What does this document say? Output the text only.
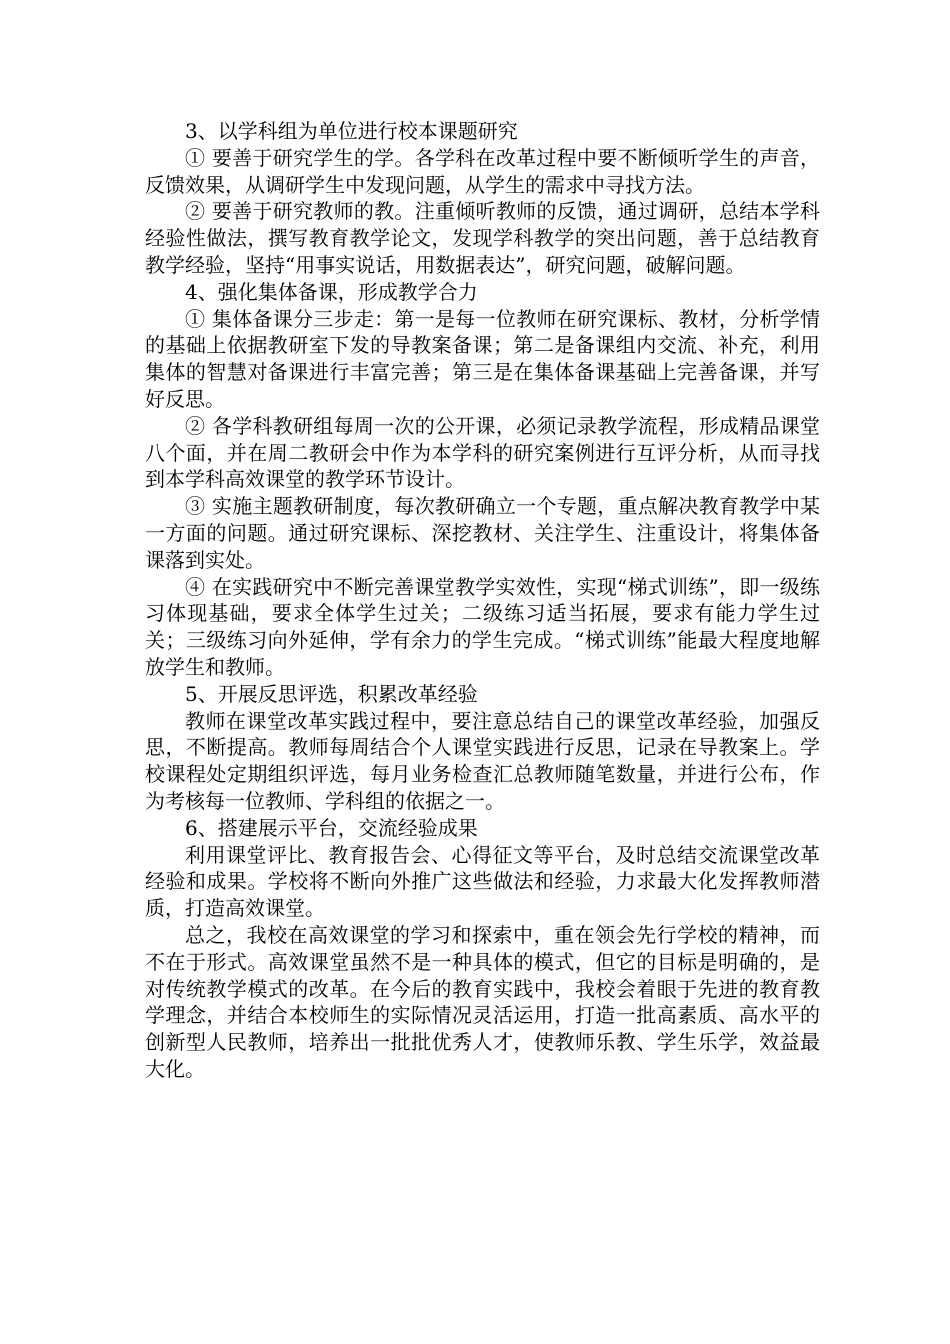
3、以学科组为单位进行校本课题研究

① 要善于研究学生的学。各学科在改革过程中要不断倾听学生的声音，反馈效果，从调研学生中发现问题，从学生的需求中寻找方法。

② 要善于研究教师的教。注重倾听教师的反馈，通过调研，总结本学科经验性做法，撰写教育教学论文，发现学科教学的突出问题，善于总结教育教学经验，坚持“用事实说话，用数据表达”，研究问题，破解问题。

4、强化集体备课，形成教学合力

① 集体备课分三步走：第一是每一位教师在研究课标、教材，分析学情的基础上依据教研室下发的导教案备课；第二是备课组内交流、补充，利用集体的智慧对备课进行丰富完善；第三是在集体备课基础上完善备课，并写好反思。

② 各学科教研组每周一次的公开课，必须记录教学流程，形成精品课堂八个面，并在周二教研会中作为本学科的研究案例进行互评分析，从而寻找到本学科高效课堂的教学环节设计。

③ 实施主题教研制度，每次教研确立一个专题，重点解决教育教学中某一方面的问题。通过研究课标、深挖教材、关注学生、注重设计，将集体备课落到实处。

④ 在实践研究中不断完善课堂教学实效性，实现“梯式训练”，即一级练习体现基础，要求全体学生过关；二级练习适当拓展，要求有能力学生过关；三级练习向外延伸，学有余力的学生完成。“梯式训练”能最大程度地解放学生和教师。

5、开展反思评选，积累改革经验

教师在课堂改革实践过程中，要注意总结自己的课堂改革经验，加强反思，不断提高。教师每周结合个人课堂实践进行反思，记录在导教案上。学校课程处定期组织评选，每月业务检查汇总教师随笔数量，并进行公布，作为考核每一位教师、学科组的依据之一。

6、搭建展示平台，交流经验成果

利用课堂评比、教育报告会、心得征文等平台，及时总结交流课堂改革经验和成果。学校将不断向外推广这些做法和经验，力求最大化发挥教师潜质，打造高效课堂。

总之，我校在高效课堂的学习和探索中，重在领会先行学校的精神，而不在于形式。高效课堂虽然不是一种具体的模式，但它的目标是明确的，是对传统教学模式的改革。在今后的教育实践中，我校会着眼于先进的教育教学理念，并结合本校师生的实际情况灵活运用，打造一批高素质、高水平的创新型人民教师，培养出一批批优秀人才，使教师乐教、学生乐学，效益最大化。
